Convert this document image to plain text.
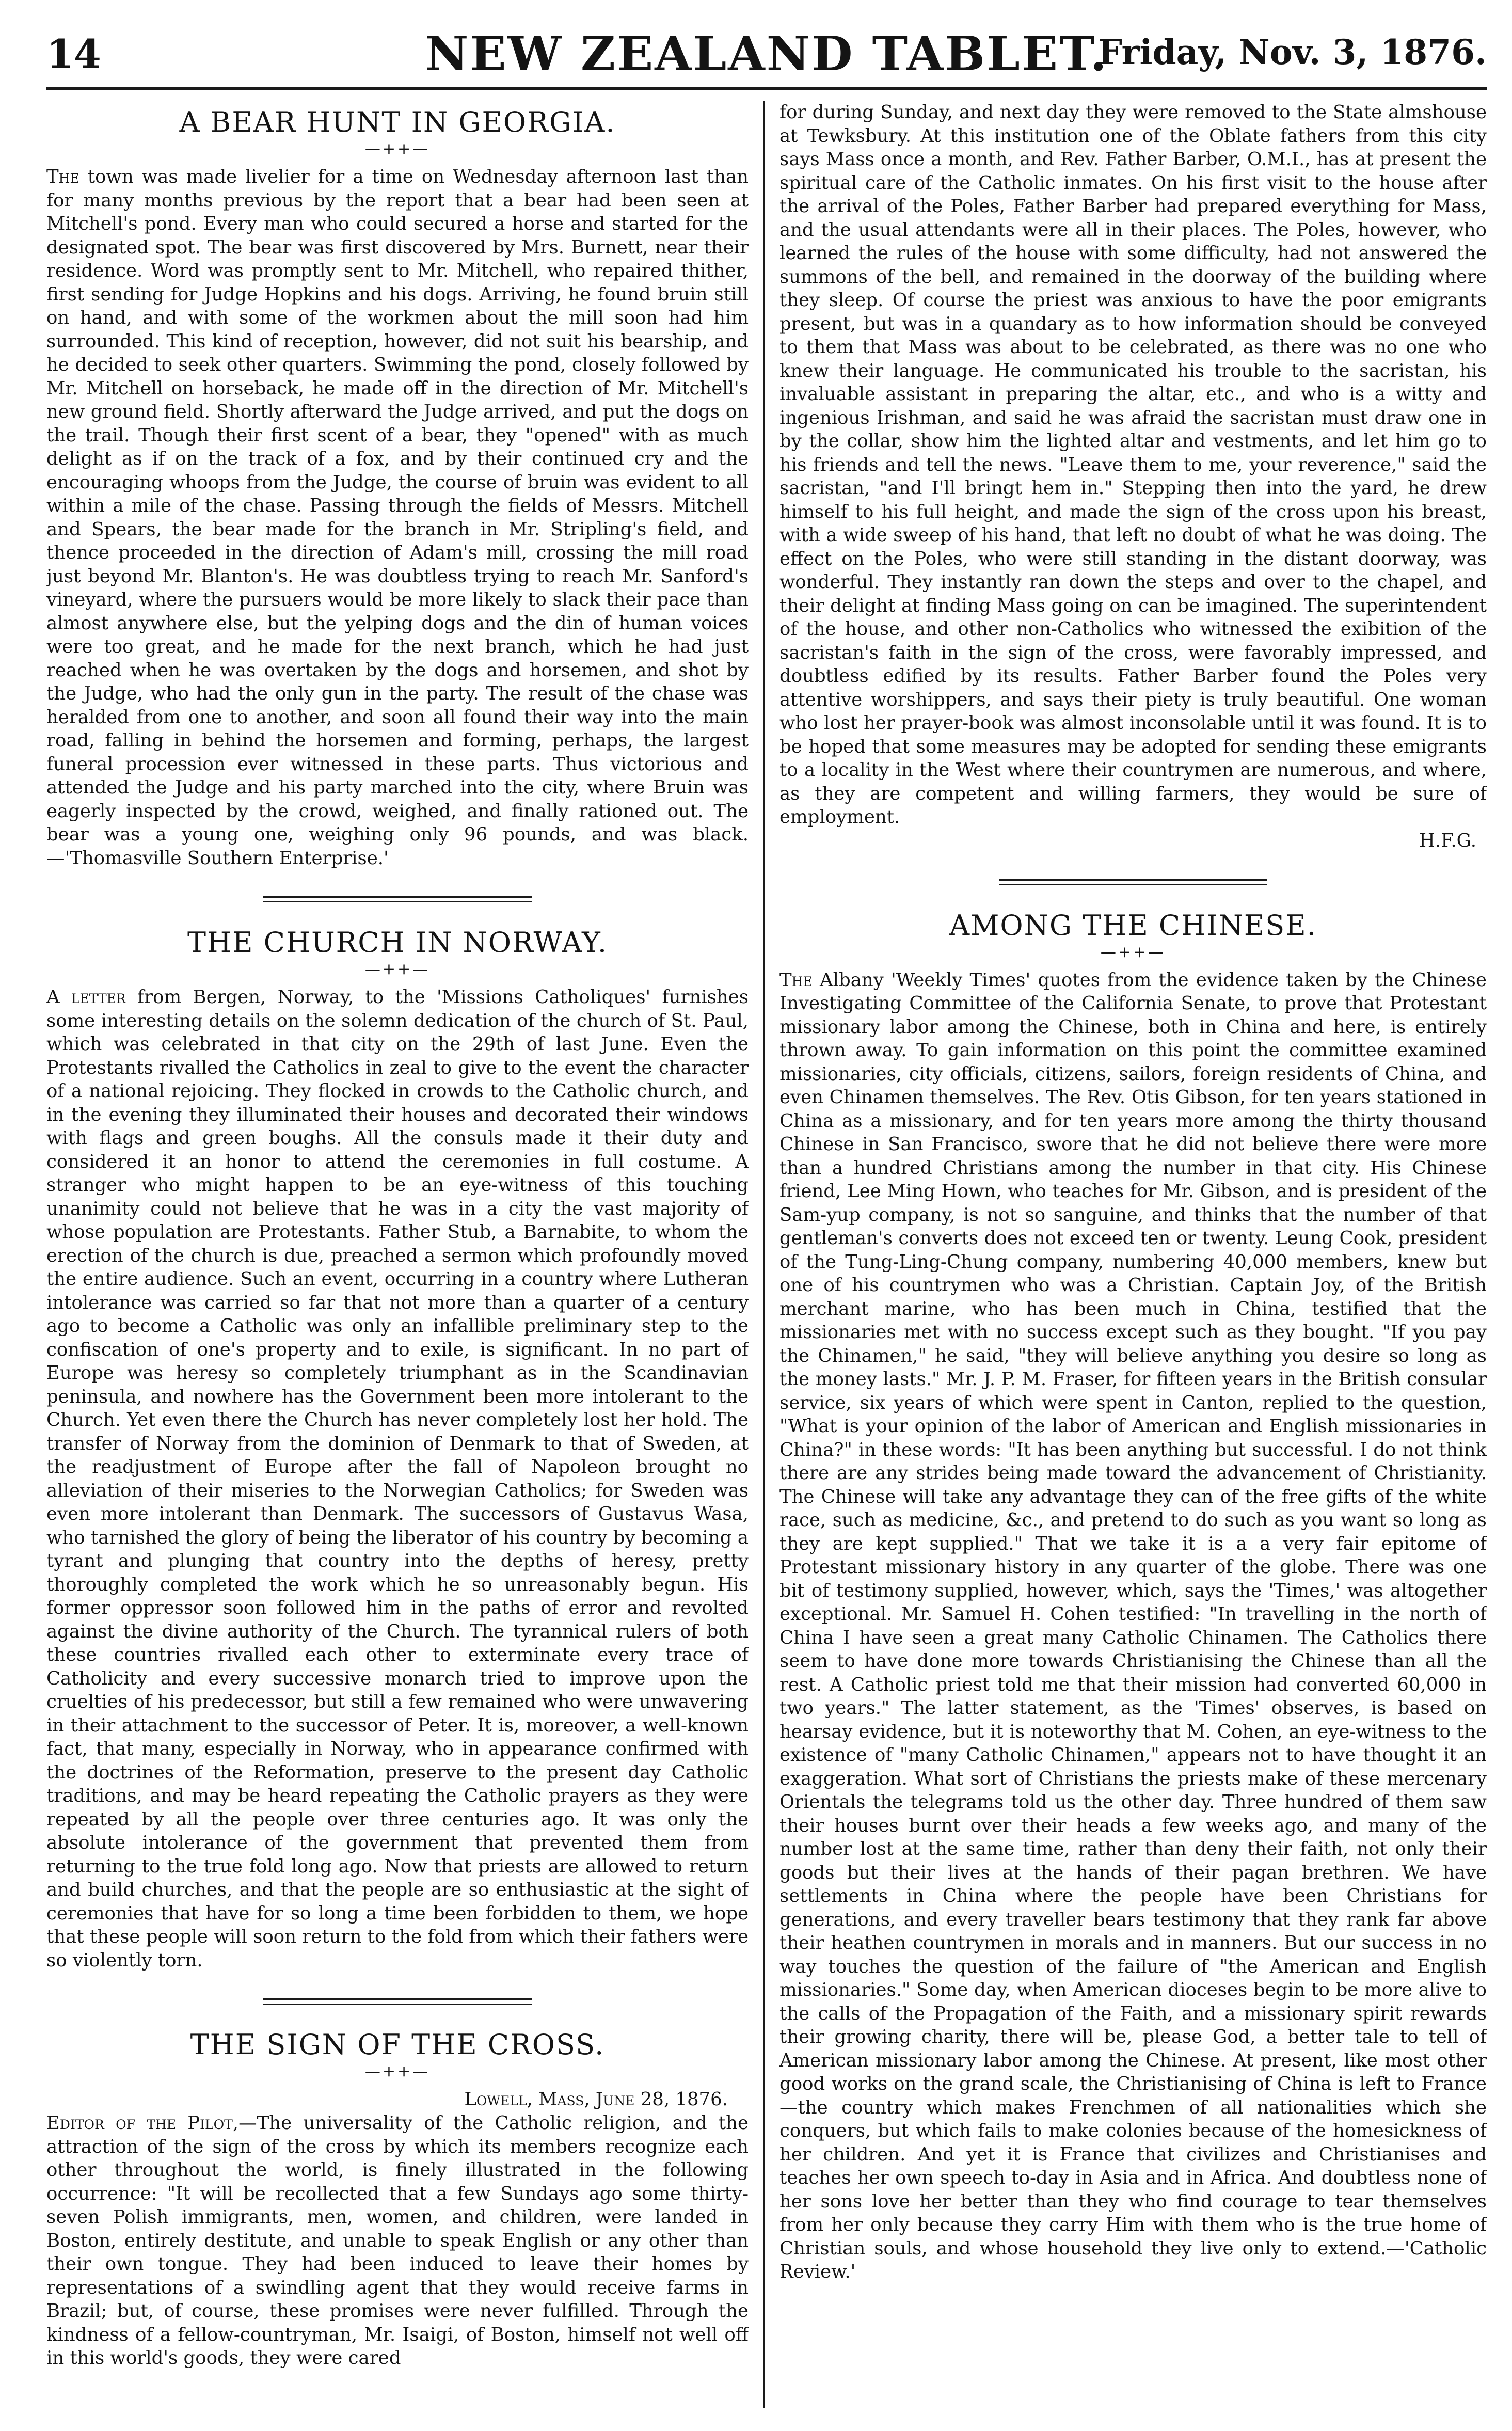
14	NEW ZEALAND TABLET.
Friday, Nov. 3, 1876.
A BEAR HUNT IN GEORGIA.
—++—

The town was made livelier for a time on Wednesday afternoon last than for many months previous by the report that a bear had been seen at Mitchell's pond. Every man who could secured a horse and started for the designated spot. The bear was first discovered by Mrs. Burnett, near their residence. Word was promptly sent to Mr. Mitchell, who repaired thither, first sending for Judge Hopkins and his dogs. Arriving, he found bruin still on hand, and with some of the workmen about the mill soon had him surrounded. This kind of reception, however, did not suit his bearship, and he decided to seek other quarters. Swimming the pond, closely followed by Mr. Mitchell on horseback, he made off in the direction of Mr. Mitchell's new ground field. Shortly afterward the Judge arrived, and put the dogs on the trail. Though their first scent of a bear, they "opened" with as much delight as if on the track of a fox, and by their continued cry and the encouraging whoops from the Judge, the course of bruin was evident to all within a mile of the chase. Passing through the fields of Messrs. Mitchell and Spears, the bear made for the branch in Mr. Stripling's field, and thence proceeded in the direction of Adam's mill, crossing the mill road just beyond Mr. Blanton's. He was doubtless trying to reach Mr. Sanford's vineyard, where the pursuers would be more likely to slack their pace than almost anywhere else, but the yelping dogs and the din of human voices were too great, and he made for the next branch, which he had just reached when he was overtaken by the dogs and horsemen, and shot by the Judge, who had the only gun in the party. The result of the chase was heralded from one to another, and soon all found their way into the main road, falling in behind the horsemen and forming, perhaps, the largest funeral procession ever witnessed in these parts. Thus victorious and attended the Judge and his party marched into the city, where Bruin was eagerly inspected by the crowd, weighed, and finally rationed out. The bear was a young one, weighing only 96 pounds, and was black.—'Thomasville Southern Enterprise.'

THE CHURCH IN NORWAY.
—++—

A letter from Bergen, Norway, to the 'Missions Catholiques' furnishes some interesting details on the solemn dedication of the church of St. Paul, which was celebrated in that city on the 29th of last June. Even the Protestants rivalled the Catholics in zeal to give to the event the character of a national rejoicing. They flocked in crowds to the Catholic church, and in the evening they illuminated their houses and decorated their windows with flags and green boughs. All the consuls made it their duty and considered it an honor to attend the ceremonies in full costume. A stranger who might happen to be an eye-witness of this touching unanimity could not believe that he was in a city the vast majority of whose population are Protestants. Father Stub, a Barnabite, to whom the erection of the church is due, preached a sermon which profoundly moved the entire audience. Such an event, occurring in a country where Lutheran intolerance was carried so far that not more than a quarter of a century ago to become a Catholic was only an infallible preliminary step to the confiscation of one's property and to exile, is significant. In no part of Europe was heresy so completely triumphant as in the Scandinavian peninsula, and nowhere has the Government been more intolerant to the Church. Yet even there the Church has never completely lost her hold. The transfer of Norway from the dominion of Denmark to that of Sweden, at the readjustment of Europe after the fall of Napoleon brought no alleviation of their miseries to the Norwegian Catholics; for Sweden was even more intolerant than Denmark. The successors of Gustavus Wasa, who tarnished the glory of being the liberator of his country by becoming a tyrant and plunging that country into the depths of heresy, pretty thoroughly completed the work which he so unreasonably begun. His former oppressor soon followed him in the paths of error and revolted against the divine authority of the Church. The tyrannical rulers of both these countries rivalled each other to exterminate every trace of Catholicity and every successive monarch tried to improve upon the cruelties of his predecessor, but still a few remained who were unwavering in their attachment to the successor of Peter. It is, moreover, a well-known fact, that many, especially in Norway, who in appearance confirmed with the doctrines of the Reformation, preserve to the present day Catholic traditions, and may be heard repeating the Catholic prayers as they were repeated by all the people over three centuries ago. It was only the absolute intolerance of the government that prevented them from returning to the true fold long ago. Now that priests are allowed to return and build churches, and that the people are so enthusiastic at the sight of ceremonies that have for so long a time been forbidden to them, we hope that these people will soon return to the fold from which their fathers were so violently torn.

THE SIGN OF THE CROSS.
—++—
Lowell, Mass, June 28, 1876.

Editor of the Pilot,—The universality of the Catholic religion, and the attraction of the sign of the cross by which its members recognize each other throughout the world, is finely illustrated in the following occurrence: "It will be recollected that a few Sundays ago some thirty-seven Polish immigrants, men, women, and children, were landed in Boston, entirely destitute, and unable to speak English or any other than their own tongue. They had been induced to leave their homes by representations of a swindling agent that they would receive farms in Brazil; but, of course, these promises were never fulfilled. Through the kindness of a fellow-countryman, Mr. Isaigi, of Boston, himself not well off in this world's goods, they were cared

for during Sunday, and next day they were removed to the State almshouse at Tewksbury. At this institution one of the Oblate fathers from this city says Mass once a month, and Rev. Father Barber, O.M.I., has at present the spiritual care of the Catholic inmates. On his first visit to the house after the arrival of the Poles, Father Barber had prepared everything for Mass, and the usual attendants were all in their places. The Poles, however, who learned the rules of the house with some difficulty, had not answered the summons of the bell, and remained in the doorway of the building where they sleep. Of course the priest was anxious to have the poor emigrants present, but was in a quandary as to how information should be conveyed to them that Mass was about to be celebrated, as there was no one who knew their language. He communicated his trouble to the sacristan, his invaluable assistant in preparing the altar, etc., and who is a witty and ingenious Irishman, and said he was afraid the sacristan must draw one in by the collar, show him the lighted altar and vestments, and let him go to his friends and tell the news. "Leave them to me, your reverence," said the sacristan, "and I'll bringt hem in." Stepping then into the yard, he drew himself to his full height, and made the sign of the cross upon his breast, with a wide sweep of his hand, that left no doubt of what he was doing. The effect on the Poles, who were still standing in the distant doorway, was wonderful. They instantly ran down the steps and over to the chapel, and their delight at finding Mass going on can be imagined. The superintendent of the house, and other non-Catholics who witnessed the exibition of the sacristan's faith in the sign of the cross, were favorably impressed, and doubtless edified by its results. Father Barber found the Poles very attentive worshippers, and says their piety is truly beautiful. One woman who lost her prayer-book was almost inconsolable until it was found. It is to be hoped that some measures may be adopted for sending these emigrants to a locality in the West where their countrymen are numerous, and where, as they are competent and willing farmers, they would be sure of employment.

H.F.G.
AMONG THE CHINESE.
—++—

The Albany 'Weekly Times' quotes from the evidence taken by the Chinese Investigating Committee of the California Senate, to prove that Protestant missionary labor among the Chinese, both in China and here, is entirely thrown away. To gain information on this point the committee examined missionaries, city officials, citizens, sailors, foreign residents of China, and even Chinamen themselves. The Rev. Otis Gibson, for ten years stationed in China as a missionary, and for ten years more among the thirty thousand Chinese in San Francisco, swore that he did not believe there were more than a hundred Christians among the number in that city. His Chinese friend, Lee Ming Hown, who teaches for Mr. Gibson, and is president of the Sam-yup company, is not so sanguine, and thinks that the number of that gentleman's converts does not exceed ten or twenty. Leung Cook, president of the Tung-Ling-Chung company, numbering 40,000 members, knew but one of his countrymen who was a Christian. Captain Joy, of the British merchant marine, who has been much in China, testified that the missionaries met with no success except such as they bought. "If you pay the Chinamen," he said, "they will believe anything you desire so long as the money lasts." Mr. J. P. M. Fraser, for fifteen years in the British consular service, six years of which were spent in Canton, replied to the question, "What is your opinion of the labor of American and English missionaries in China?" in these words: "It has been anything but successful. I do not think there are any strides being made toward the advancement of Christianity. The Chinese will take any advantage they can of the free gifts of the white race, such as medicine, &c., and pretend to do such as you want so long as they are kept supplied." That we take it is a a very fair epitome of Protestant missionary history in any quarter of the globe. There was one bit of testimony supplied, however, which, says the 'Times,' was altogether exceptional. Mr. Samuel H. Cohen testified: "In travelling in the north of China I have seen a great many Catholic Chinamen. The Catholics there seem to have done more towards Christianising the Chinese than all the rest. A Catholic priest told me that their mission had converted 60,000 in two years." The latter statement, as the 'Times' observes, is based on hearsay evidence, but it is noteworthy that M. Cohen, an eye-witness to the existence of "many Catholic Chinamen," appears not to have thought it an exaggeration. What sort of Christians the priests make of these mercenary Orientals the telegrams told us the other day. Three hundred of them saw their houses burnt over their heads a few weeks ago, and many of the number lost at the same time, rather than deny their faith, not only their goods but their lives at the hands of their pagan brethren. We have settlements in China where the people have been Christians for generations, and every traveller bears testimony that they rank far above their heathen countrymen in morals and in manners. But our success in no way touches the question of the failure of "the American and English missionaries." Some day, when American dioceses begin to be more alive to the calls of the Propagation of the Faith, and a missionary spirit rewards their growing charity, there will be, please God, a better tale to tell of American missionary labor among the Chinese. At present, like most other good works on the grand scale, the Christianising of China is left to France—the country which makes Frenchmen of all nationalities which she conquers, but which fails to make colonies because of the homesickness of her children. And yet it is France that civilizes and Christianises and teaches her own speech to-day in Asia and in Africa. And doubtless none of her sons love her better than they who find courage to tear themselves from her only because they carry Him with them who is the true home of Christian souls, and whose household they live only to extend.—'Catholic Review.'
